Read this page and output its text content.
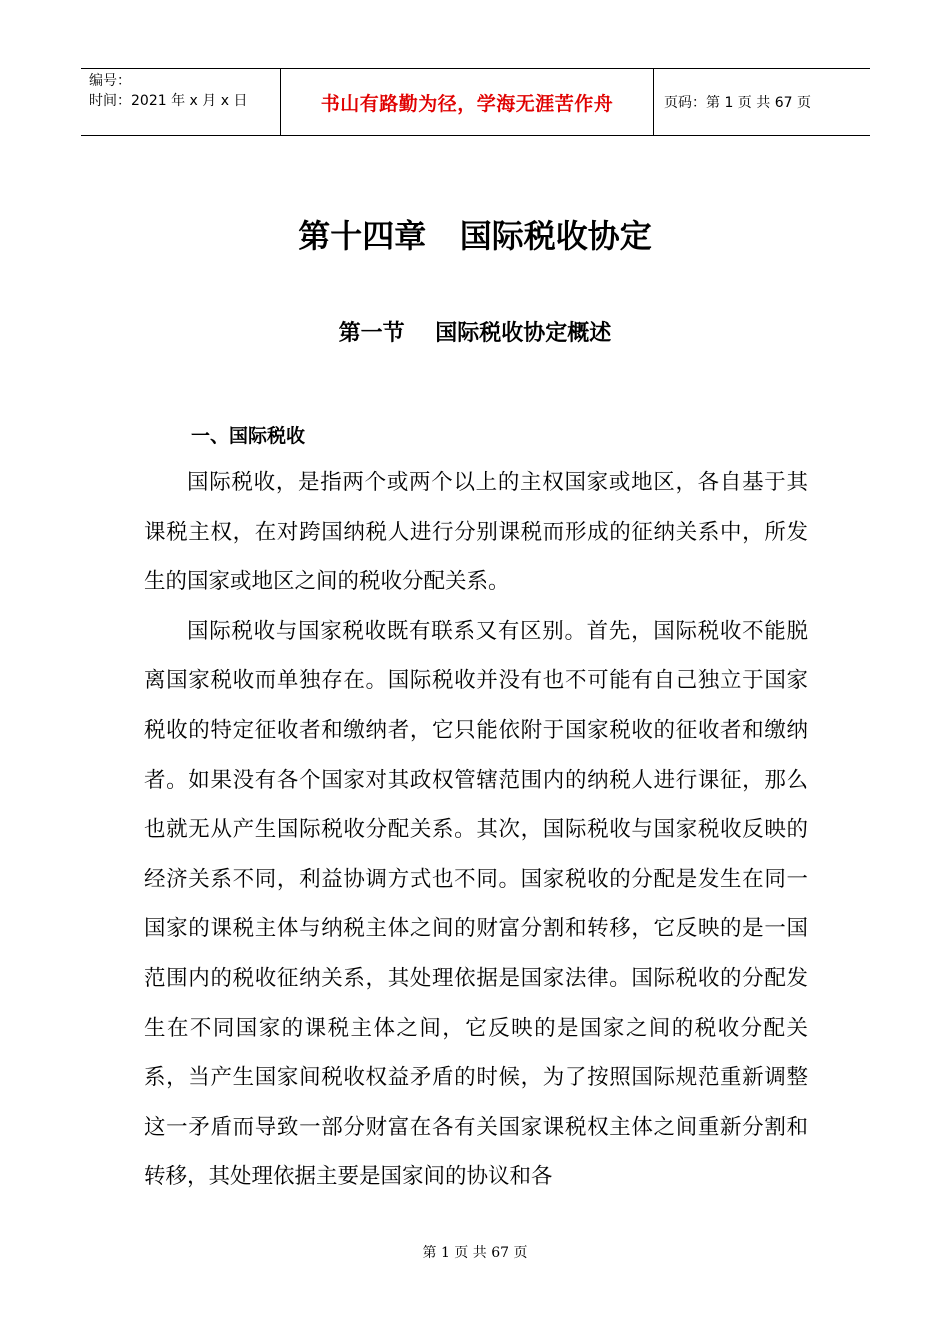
编号：
时间：2021 年 x 月 x 日	书山有路勤为径，学海无涯苦作舟	页码：第 1 页 共 67 页
第十四章   国际税收协定
第一节    国际税收协定概述
一、国际税收

国际税收，是指两个或两个以上的主权国家或地区，各自基于其课税主权，在对跨国纳税人进行分别课税而形成的征纳关系中，所发生的国家或地区之间的税收分配关系。

国际税收与国家税收既有联系又有区别。首先，国际税收不能脱离国家税收而单独存在。国际税收并没有也不可能有自己独立于国家税收的特定征收者和缴纳者，它只能依附于国家税收的征收者和缴纳者。如果没有各个国家对其政权管辖范围内的纳税人进行课征，那么也就无从产生国际税收分配关系。其次，国际税收与国家税收反映的经济关系不同，利益协调方式也不同。国家税收的分配是发生在同一国家的课税主体与纳税主体之间的财富分割和转移，它反映的是一国范围内的税收征纳关系，其处理依据是国家法律。国际税收的分配发生在不同国家的课税主体之间，它反映的是国家之间的税收分配关系，当产生国家间税收权益矛盾的时候，为了按照国际规范重新调整这一矛盾而导致一部分财富在各有关国家课税权主体之间重新分割和转移，其处理依据主要是国家间的协议和各

第 1 页 共 67 页
